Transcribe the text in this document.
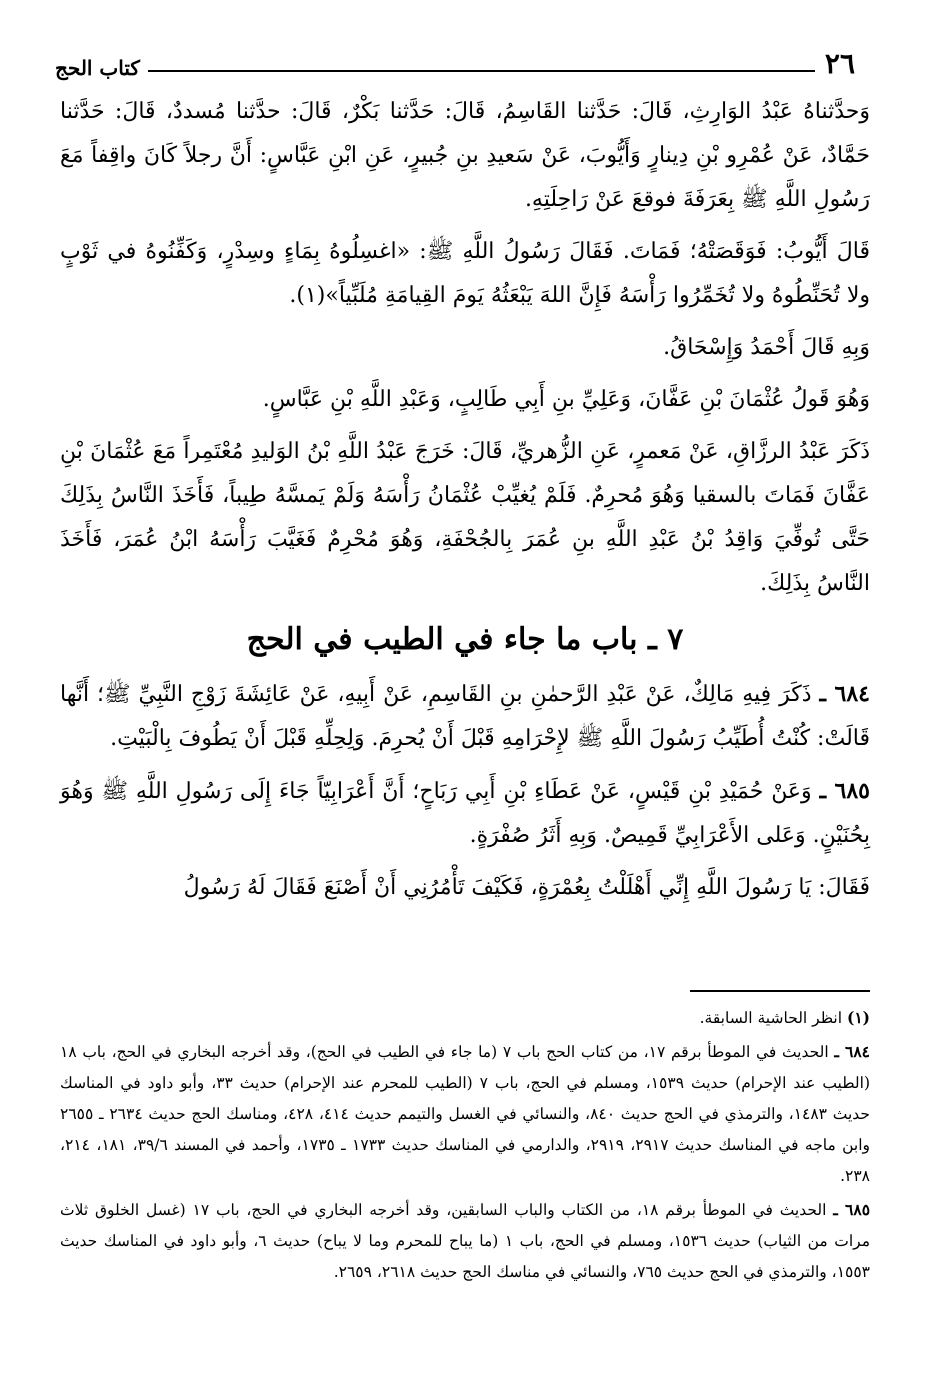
٢٦
كتاب الحج

وَحدَّثناهُ عَبْدُ الوَارِثِ، قَالَ: حَدَّثنا القَاسِمُ، قَالَ: حَدَّثنا بَكْرٌ، قَالَ: حدَّثنا مُسددٌ، قَالَ: حَدَّثنا حَمَّادٌ، عَنْ عُمْرِو بْنِ دِينارٍ وَأَيُّوبَ، عَنْ سَعيدِ بنِ جُبيرٍ، عَنِ ابْنِ عَبَّاسٍ: أَنَّ رجلاً كَانَ واقِفاً مَعَ رَسُولِ اللَّهِ ﷺ بِعَرَفَةَ فوقعَ عَنْ رَاحِلَتِهِ.

قَالَ أَيُّوبُ: فَوَقَصَتْهُ؛ فَمَاتَ. فَقَالَ رَسُولُ اللَّهِ ﷺ: «اغسِلُوهُ بِمَاءٍ وسِدْرٍ، وَكَفِّنُوهُ في ثَوْبٍ ولا تُحَنِّطُوهُ ولا تُخَمِّرُوا رَأْسَهُ فَإِنَّ اللهَ يَبْعَثُهُ يَومَ القِيامَةِ مُلَبِّياً»(١).

وَبِهِ قَالَ أَحْمَدُ وَإِسْحَاقُ.

وَهُوَ قَولُ عُثْمَانَ بْنِ عَفَّانَ، وَعَلِيِّ بنِ أَبِي طَالِبٍ، وَعَبْدِ اللَّهِ بْنِ عَبَّاسٍ.

ذَكَرَ عَبْدُ الرزَّاقِ، عَنْ مَعمرٍ، عَنِ الزُّهريِّ، قَالَ: خَرَجَ عَبْدُ اللَّهِ بْنُ الوَليدِ مُعْتَمِراً مَعَ عُثْمَانَ بْنِ عَفَّانَ فَمَاتَ بالسقيا وَهُوَ مُحرِمٌ. فَلَمْ يُغيِّبْ عُثْمَانُ رَأْسَهُ وَلَمْ يَمسَّهُ طِيباً، فَأَخَذَ النَّاسُ بِذَلِكَ حَتَّى تُوفِّيَ وَاقِدُ بْنُ عَبْدِ اللَّهِ بنِ عُمَرَ بِالجُحْفَةِ، وَهُوَ مُحْرِمٌ فَغَيَّبَ رَأْسَهُ ابْنُ عُمَرَ، فَأَخَذَ النَّاسُ بِذَلِكَ.

٧ ـ باب ما جاء في الطيب في الحج

٦٨٤ ـ ذَكَرَ فِيهِ مَالِكٌ، عَنْ عَبْدِ الرَّحمٰنِ بنِ القَاسِمِ، عَنْ أَبِيهِ، عَنْ عَائِشَةَ زَوْجِ النَّبِيِّ ﷺ؛ أَنَّها قَالَتْ: كُنْتُ أُطَيِّبُ رَسُولَ اللَّهِ ﷺ لإِحْرَامِهِ قَبْلَ أَنْ يُحرِمَ. وَلِحِلِّهِ قَبْلَ أَنْ يَطُوفَ بِالْبَيْتِ.

٦٨٥ ـ وَعَنْ حُمَيْدِ بْنِ قَيْسٍ، عَنْ عَطَاءِ بْنِ أَبِي رَبَاحٍ؛ أَنَّ أَعْرَابِيّاً جَاءَ إِلَى رَسُولِ اللَّهِ ﷺ وَهُوَ بِحُنَيْنٍ. وَعَلى الأَعْرَابِيِّ قَمِيصٌ. وَبِهِ أَثَرُ صُفْرَةٍ.

فَقَالَ: يَا رَسُولَ اللَّهِ إِنِّي أَهْلَلْتُ بِعُمْرَةٍ، فَكَيْفَ تَأْمُرُنِي أَنْ أَصْنَعَ فَقَالَ لَهُ رَسُولُ

(١) انظر الحاشية السابقة.

٦٨٤ ـ الحديث في الموطأ برقم ١٧، من كتاب الحج باب ٧ (ما جاء في الطيب في الحج)، وقد أخرجه البخاري في الحج، باب ١٨ (الطيب عند الإحرام) حديث ١٥٣٩، ومسلم في الحج، باب ٧ (الطيب للمحرم عند الإحرام) حديث ٣٣، وأبو داود في المناسك حديث ١٤٨٣، والترمذي في الحج حديث ٨٤٠، والنسائي في الغسل والتيمم حديث ٤١٤، ٤٢٨، ومناسك الحج حديث ٢٦٣٤ ـ ٢٦٥٥ وابن ماجه في المناسك حديث ٢٩١٧، ٢٩١٩، والدارمي في المناسك حديث ١٧٣٣ ـ ١٧٣٥، وأحمد في المسند ٣٩/٦، ١٨١، ٢١٤، ٢٣٨.

٦٨٥ ـ الحديث في الموطأ برقم ١٨، من الكتاب والباب السابقين، وقد أخرجه البخاري في الحج، باب ١٧ (غسل الخلوق ثلاث مرات من الثياب) حديث ١٥٣٦، ومسلم في الحج، باب ١ (ما يباح للمحرم وما لا يباح) حديث ٦، وأبو داود في المناسك حديث ١٥٥٣، والترمذي في الحج حديث ٧٦٥، والنسائي في مناسك الحج حديث ٢٦١٨، ٢٦٥٩.
